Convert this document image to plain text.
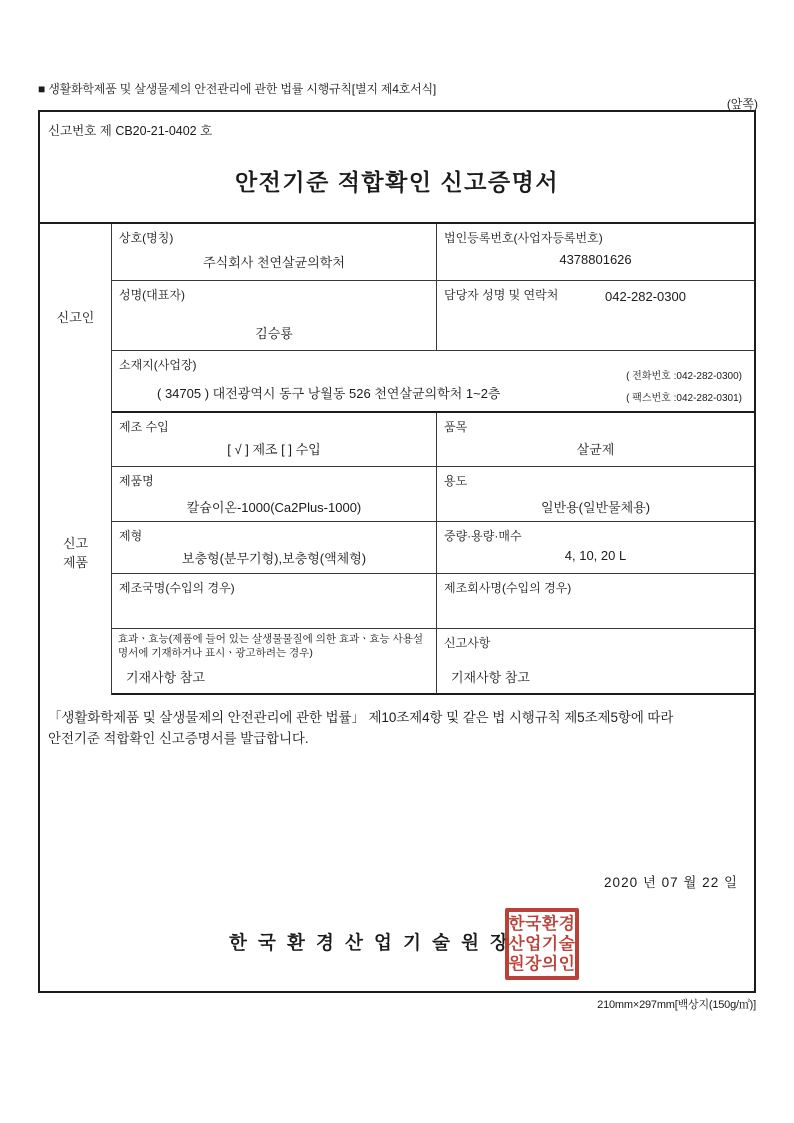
■ 생활화학제품 및 살생물제의 안전관리에 관한 법률 시행규칙[별지 제4호서식]
(앞쪽)
신고번호 제 CB20-21-0402 호
안전기준 적합확인 신고증명서
신고인
상호(명칭)
주식회사 천연살균의학처
법인등록번호(사업자등록번호)
4378801626
성명(대표자)
김승룡
담당자 성명 및 연락처	042-282-0300
소재지(사업장)
( 34705 ) 대전광역시 동구 낭월동 526 천연살균의학처 1~2층
( 전화번호 :042-282-0300)
( 팩스번호 :042-282-0301)
신고
제품
제조 수입
[ √ ] 제조 [ ] 수입
품목
살균제
제품명
칼슘이온-1000(Ca2Plus-1000)
용도
일반용(일반물체용)
제형
보충형(분무기형),보충형(액체형)
중량·용량·매수
4, 10, 20 L
제조국명(수입의 경우)	제조회사명(수입의 경우)
효과ㆍ효능(제품에 들어 있는 살생물물질에 의한 효과ㆍ효능 사용설명서에 기재하거나 표시ㆍ광고하려는 경우)
기재사항 참고
신고사항
기재사항 참고
「생활화학제품 및 살생물제의 안전관리에 관한 법률」 제10조제4항 및 같은 법 시행규칙 제5조제5항에 따라
안전기준 적합확인 신고증명서를 발급합니다.
2020 년 07 월 22 일
한 국 환 경 산 업 기 술 원 장
한국환경
산업기술
원장의인
210mm×297mm[백상지(150g/㎡)]
